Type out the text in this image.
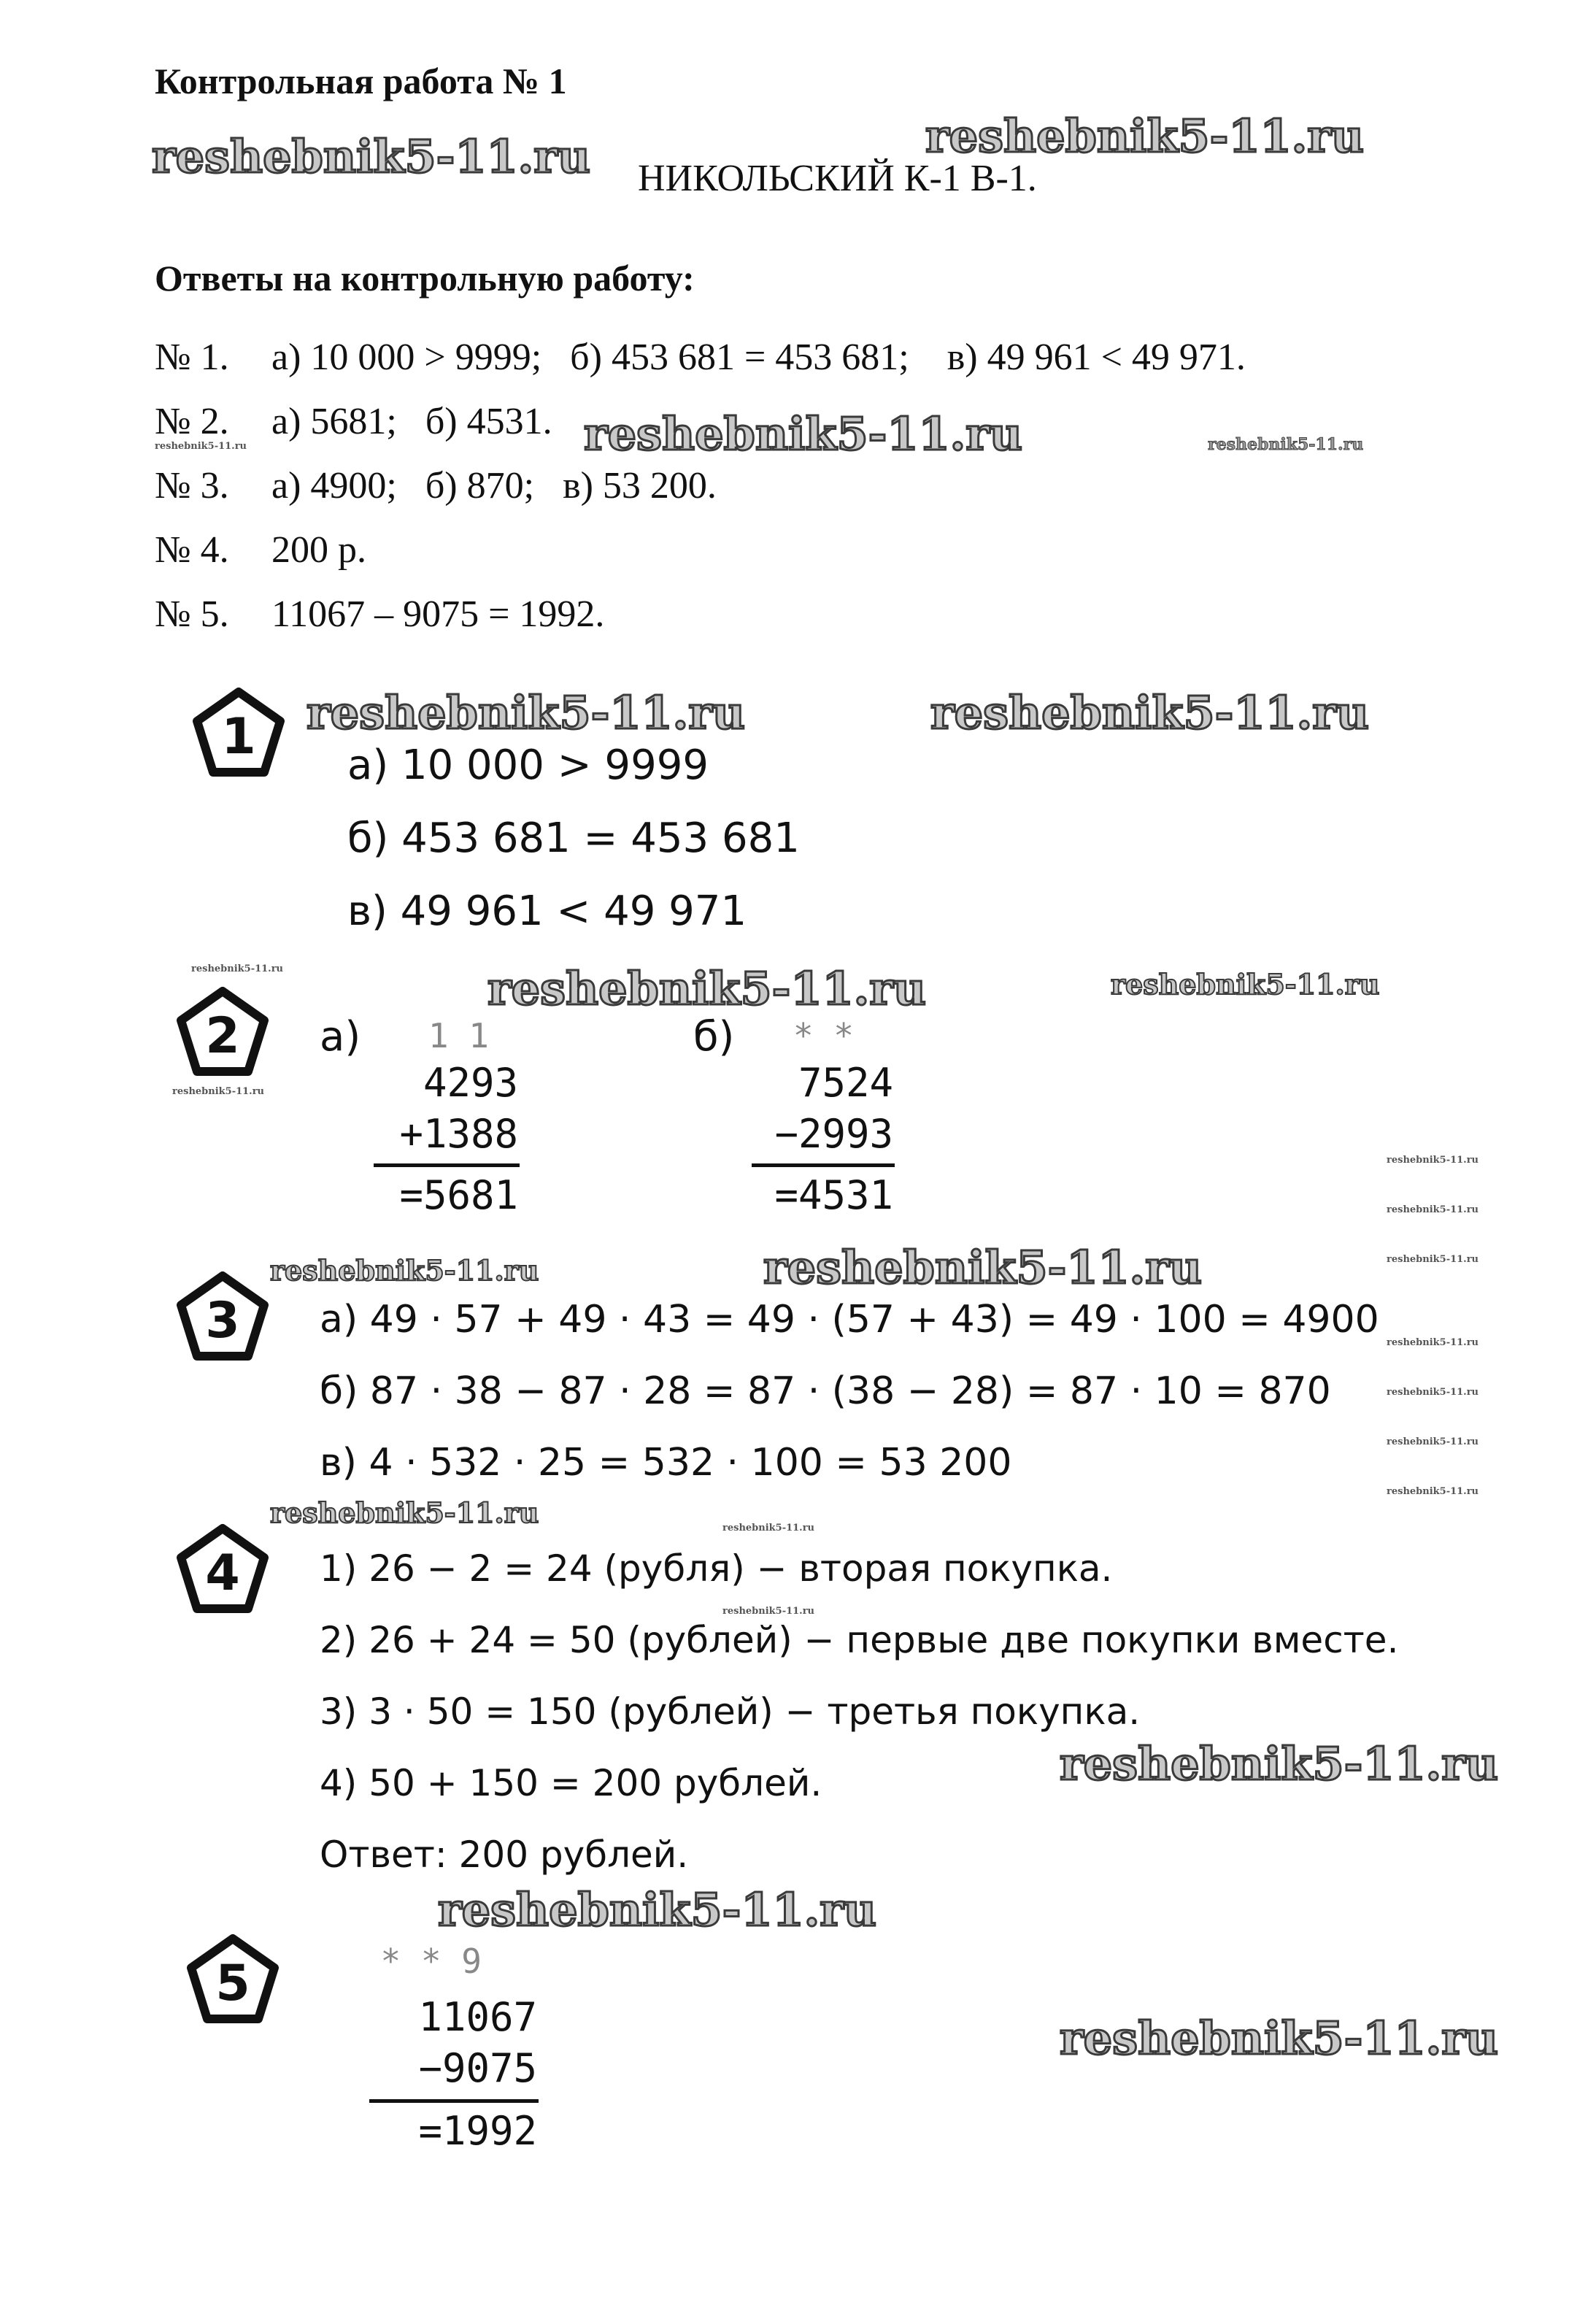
Контрольная работа № 1
reshebnik5-11.ru	reshebnik5-11.ru
НИКОЛЬСКИЙ К-1 В-1.
Ответы на контрольную работу:
№ 1. а) 10 000 > 9999;   б) 453 681 = 453 681;    в) 49 961 < 49 971.
№ 2. а) 5681;   б) 4531.
№ 3. а) 4900;   б) 870;   в) 53 200.
№ 4. 200 р.
№ 5. 11067 – 9075 = 1992.
reshebnik5-11.ru
reshebnik5-11.ru	reshebnik5-11.ru
1 reshebnik5-11.ru	reshebnik5-11.ru
а) 10 000 > 9999
б) 453 681 = 453 681
в) 49 961 < 49 971
reshebnik5-11.ru	reshebnik5-11.ru	reshebnik5-11.ru
2
reshebnik5-11.ru
а)	1 1
4293
+1388
=5681
б)	* *
7524
−2993
=4531
reshebnik5-11.ru
reshebnik5-11.ru
reshebnik5-11.ru
reshebnik5-11.ru
reshebnik5-11.ru
reshebnik5-11.ru
reshebnik5-11.ru
reshebnik5-11.ru	reshebnik5-11.ru
3 а) 49 · 57 + 49 · 43 = 49 · (57 + 43) = 49 · 100 = 4900
б) 87 · 38 − 87 · 28 = 87 · (38 − 28) = 87 · 10 = 870
в) 4 · 532 · 25 = 532 · 100 = 53 200
reshebnik5-11.ru	reshebnik5-11.ru
reshebnik5-11.ru
4 1) 26 − 2 = 24 (рубля) − вторая покупка.
2) 26 + 24 = 50 (рублей) − первые две покупки вместе.
3) 3 · 50 = 150 (рублей) − третья покупка.
4) 50 + 150 = 200 рублей.	reshebnik5-11.ru
Ответ: 200 рублей.
reshebnik5-11.ru
5	* * 9
11067
−9075
=1992
reshebnik5-11.ru
